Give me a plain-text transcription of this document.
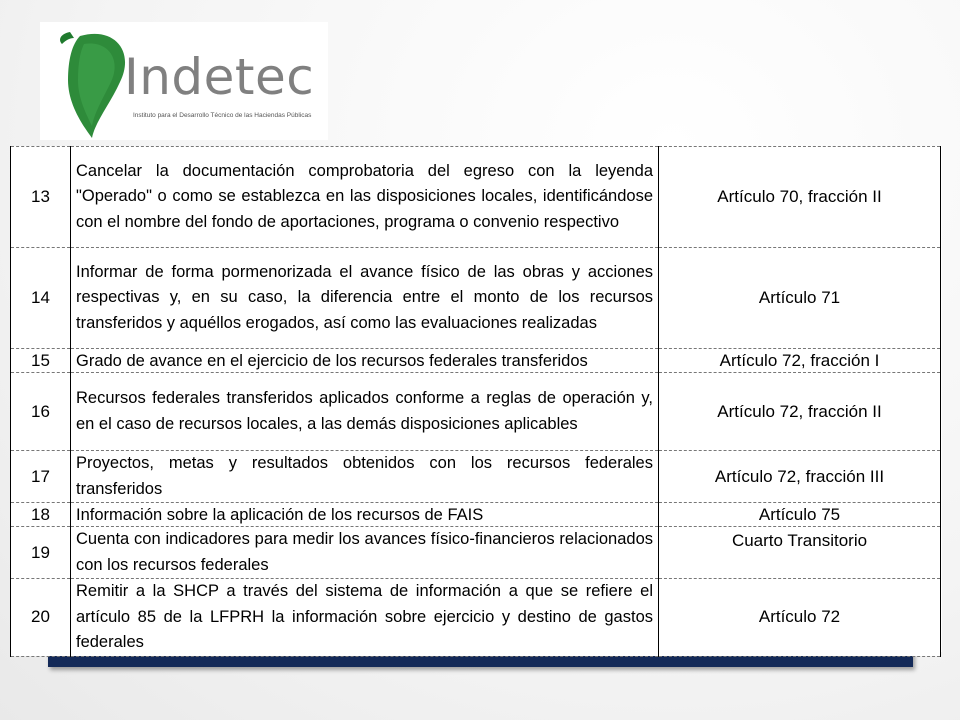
Indetec
Instituto para el Desarrollo Técnico de las Haciendas Públicas
13	Cancelar la documentación comprobatoria del egreso con la leyenda "Operado" o como se establezca en las disposiciones locales, identificándose con el nombre del fondo de aportaciones, programa o convenio respectivo	Artículo 70, fracción II
14	Informar de forma pormenorizada el avance físico de las obras y acciones respectivas y, en su caso, la diferencia entre el monto de los recursos transferidos y aquéllos erogados, así como las evaluaciones realizadas	Artículo 71
15	Grado de avance en el ejercicio de los recursos federales transferidos	Artículo 72, fracción I
16	Recursos federales transferidos aplicados conforme a reglas de operación y, en el caso de recursos locales, a las demás disposiciones aplicables	Artículo 72, fracción II
17	Proyectos, metas y resultados obtenidos con los recursos federales transferidos	Artículo 72, fracción III
18	Información sobre la aplicación de los recursos de FAIS	Artículo 75
19	Cuenta con indicadores para medir los avances físico-financieros relacionados con los recursos federales	Cuarto Transitorio
20	Remitir a la SHCP a través del sistema de información a que se refiere el artículo 85 de la LFPRH la información sobre ejercicio y destino de gastos federales	Artículo 72
